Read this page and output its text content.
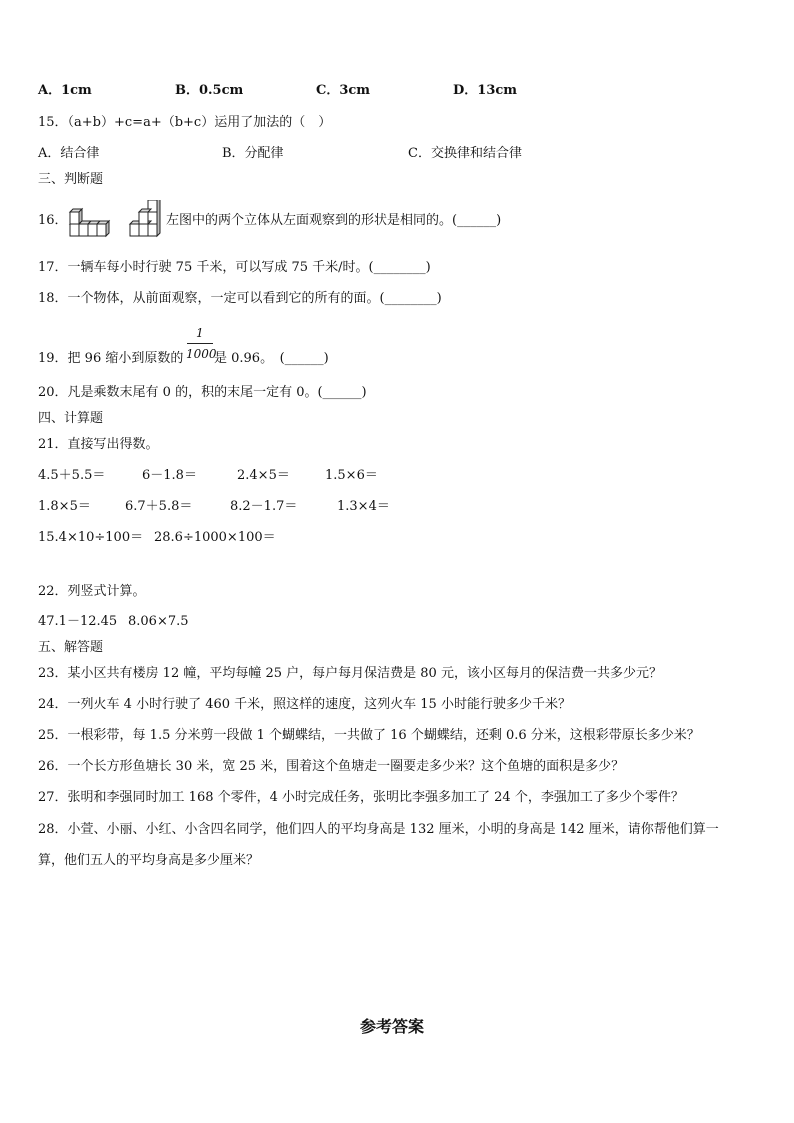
A．1cm	B．0.5cm	C．3cm	D．13cm
15．（a+b）+c=a+（b+c）运用了加法的（　）
A．结合律	B．分配律	C．交换律和结合律
三、判断题
16．	左图中的两个立体从左面观察到的形状是相同的。(______)
17．一辆车每小时行驶 75 千米，可以写成 75 千米/时。(________)
18．一个物体，从前面观察，一定可以看到它的所有的面。(________)
19．把 96 缩小到原数的
1
1000
是 0.96。　(______)
20．凡是乘数末尾有 0 的，积的末尾一定有 0。(______)
四、计算题
21．直接写出得数。
4.5＋5.5＝	6－1.8＝	2.4×5＝	1.5×6＝
1.8×5＝	6.7＋5.8＝	8.2－1.7＝	1.3×4＝
15.4×10÷100＝ 28.6÷1000×100＝
22．列竖式计算。
47.1－12.45 8.06×7.5
五、解答题
23．某小区共有楼房 12 幢，平均每幢 25 户，每户每月保洁费是 80 元，该小区每月的保洁费一共多少元？
24．一列火车 4 小时行驶了 460 千米，照这样的速度，这列火车 15 小时能行驶多少千米？
25．一根彩带，每 1.5 分米剪一段做 1 个蝴蝶结，一共做了 16 个蝴蝶结，还剩 0.6 分米，这根彩带原长多少米？
26．一个长方形鱼塘长 30 米，宽 25 米，围着这个鱼塘走一圈要走多少米？这个鱼塘的面积是多少？
27．张明和李强同时加工 168 个零件，4 小时完成任务，张明比李强多加工了 24 个，李强加工了多少个零件？
28．小萱、小丽、小红、小含四名同学，他们四人的平均身高是 132 厘米，小明的身高是 142 厘米，请你帮他们算一
算，他们五人的平均身高是多少厘米？
参考答案
